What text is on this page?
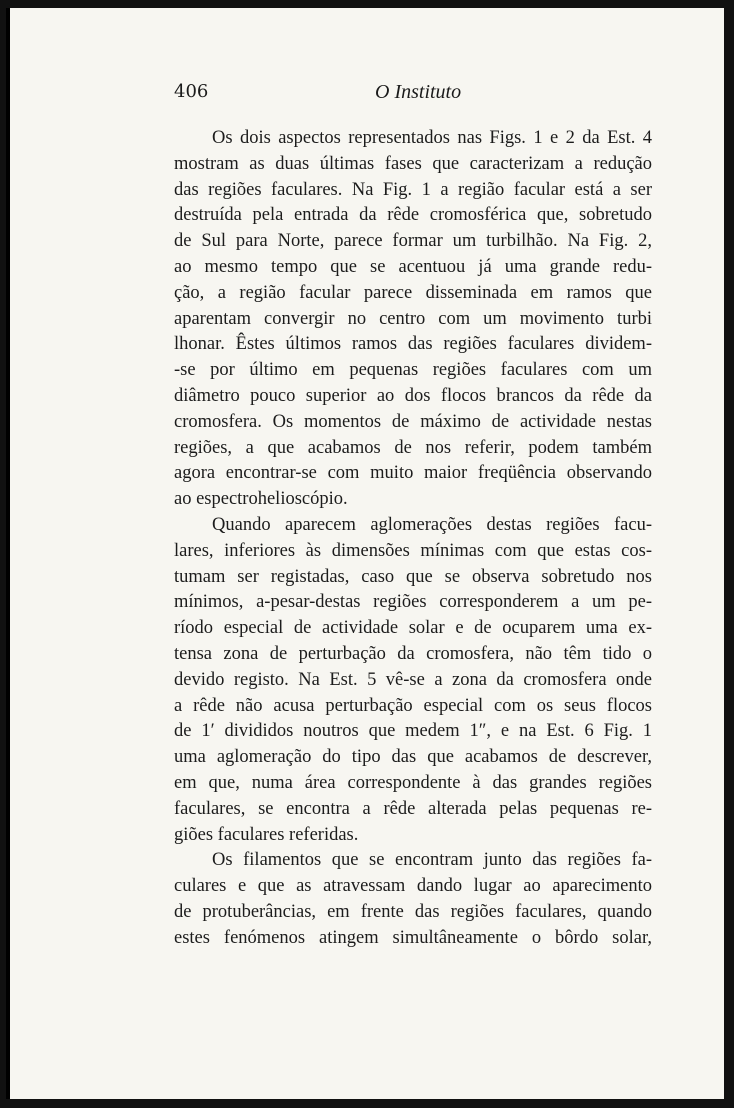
406	O Instituto

Os dois aspectos representados nas Figs. 1 e 2 da Est. 4
mostram as duas últimas fases que caracterizam a redução
das regiões faculares. Na Fig. 1 a região facular está a ser
destruída pela entrada da rêde cromosférica que, sobretudo
de Sul para Norte, parece formar um turbilhão. Na Fig. 2,
ao mesmo tempo que se acentuou já uma grande redu-
ção, a região facular parece disseminada em ramos que
aparentam convergir no centro com um movimento turbi
lhonar. Êstes últimos ramos das regiões faculares dividem-
-se por último em pequenas regiões faculares com um
diâmetro pouco superior ao dos flocos brancos da rêde da
cromosfera. Os momentos de máximo de actividade nestas
regiões, a que acabamos de nos referir, podem também
agora encontrar-se com muito maior freqüência observando
ao espectrohelioscópio.

Quando aparecem aglomerações destas regiões facu-
lares, inferiores às dimensões mínimas com que estas cos-
tumam ser registadas, caso que se observa sobretudo nos
mínimos, a-pesar-destas regiões corresponderem a um pe-
ríodo especial de actividade solar e de ocuparem uma ex-
tensa zona de perturbação da cromosfera, não têm tido o
devido registo. Na Est. 5 vê-se a zona da cromosfera onde
a rêde não acusa perturbação especial com os seus flocos
de 1′ divididos noutros que medem 1″, e na Est. 6 Fig. 1
uma aglomeração do tipo das que acabamos de descrever,
em que, numa área correspondente à das grandes regiões
faculares, se encontra a rêde alterada pelas pequenas re-
giões faculares referidas.

Os filamentos que se encontram junto das regiões fa-
culares e que as atravessam dando lugar ao aparecimento
de protuberâncias, em frente das regiões faculares, quando
estes fenómenos atingem simultâneamente o bôrdo solar,
